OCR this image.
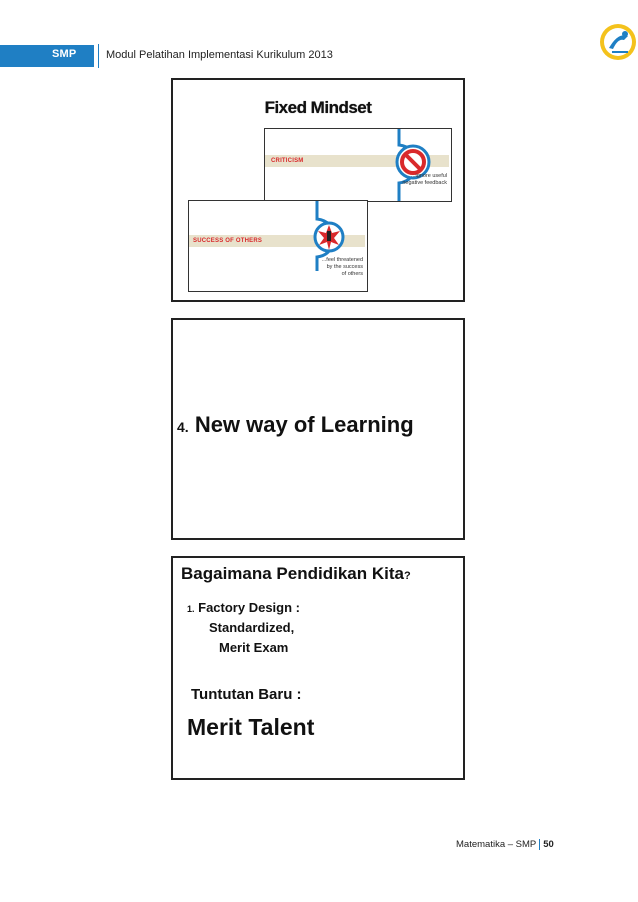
SMP	Modul Pelatihan Implementasi Kurikulum 2013
Fixed Mindset
CRITICISM
...ignore useful
negative feedback
SUCCESS OF OTHERS
...feel threatened
by the success
of others
4. New way of Learning
Bagaimana Pendidikan Kita?
1. Factory Design :
Standardized,
Merit Exam
Tuntutan Baru :
Merit Talent
Matematika – SMP 50
